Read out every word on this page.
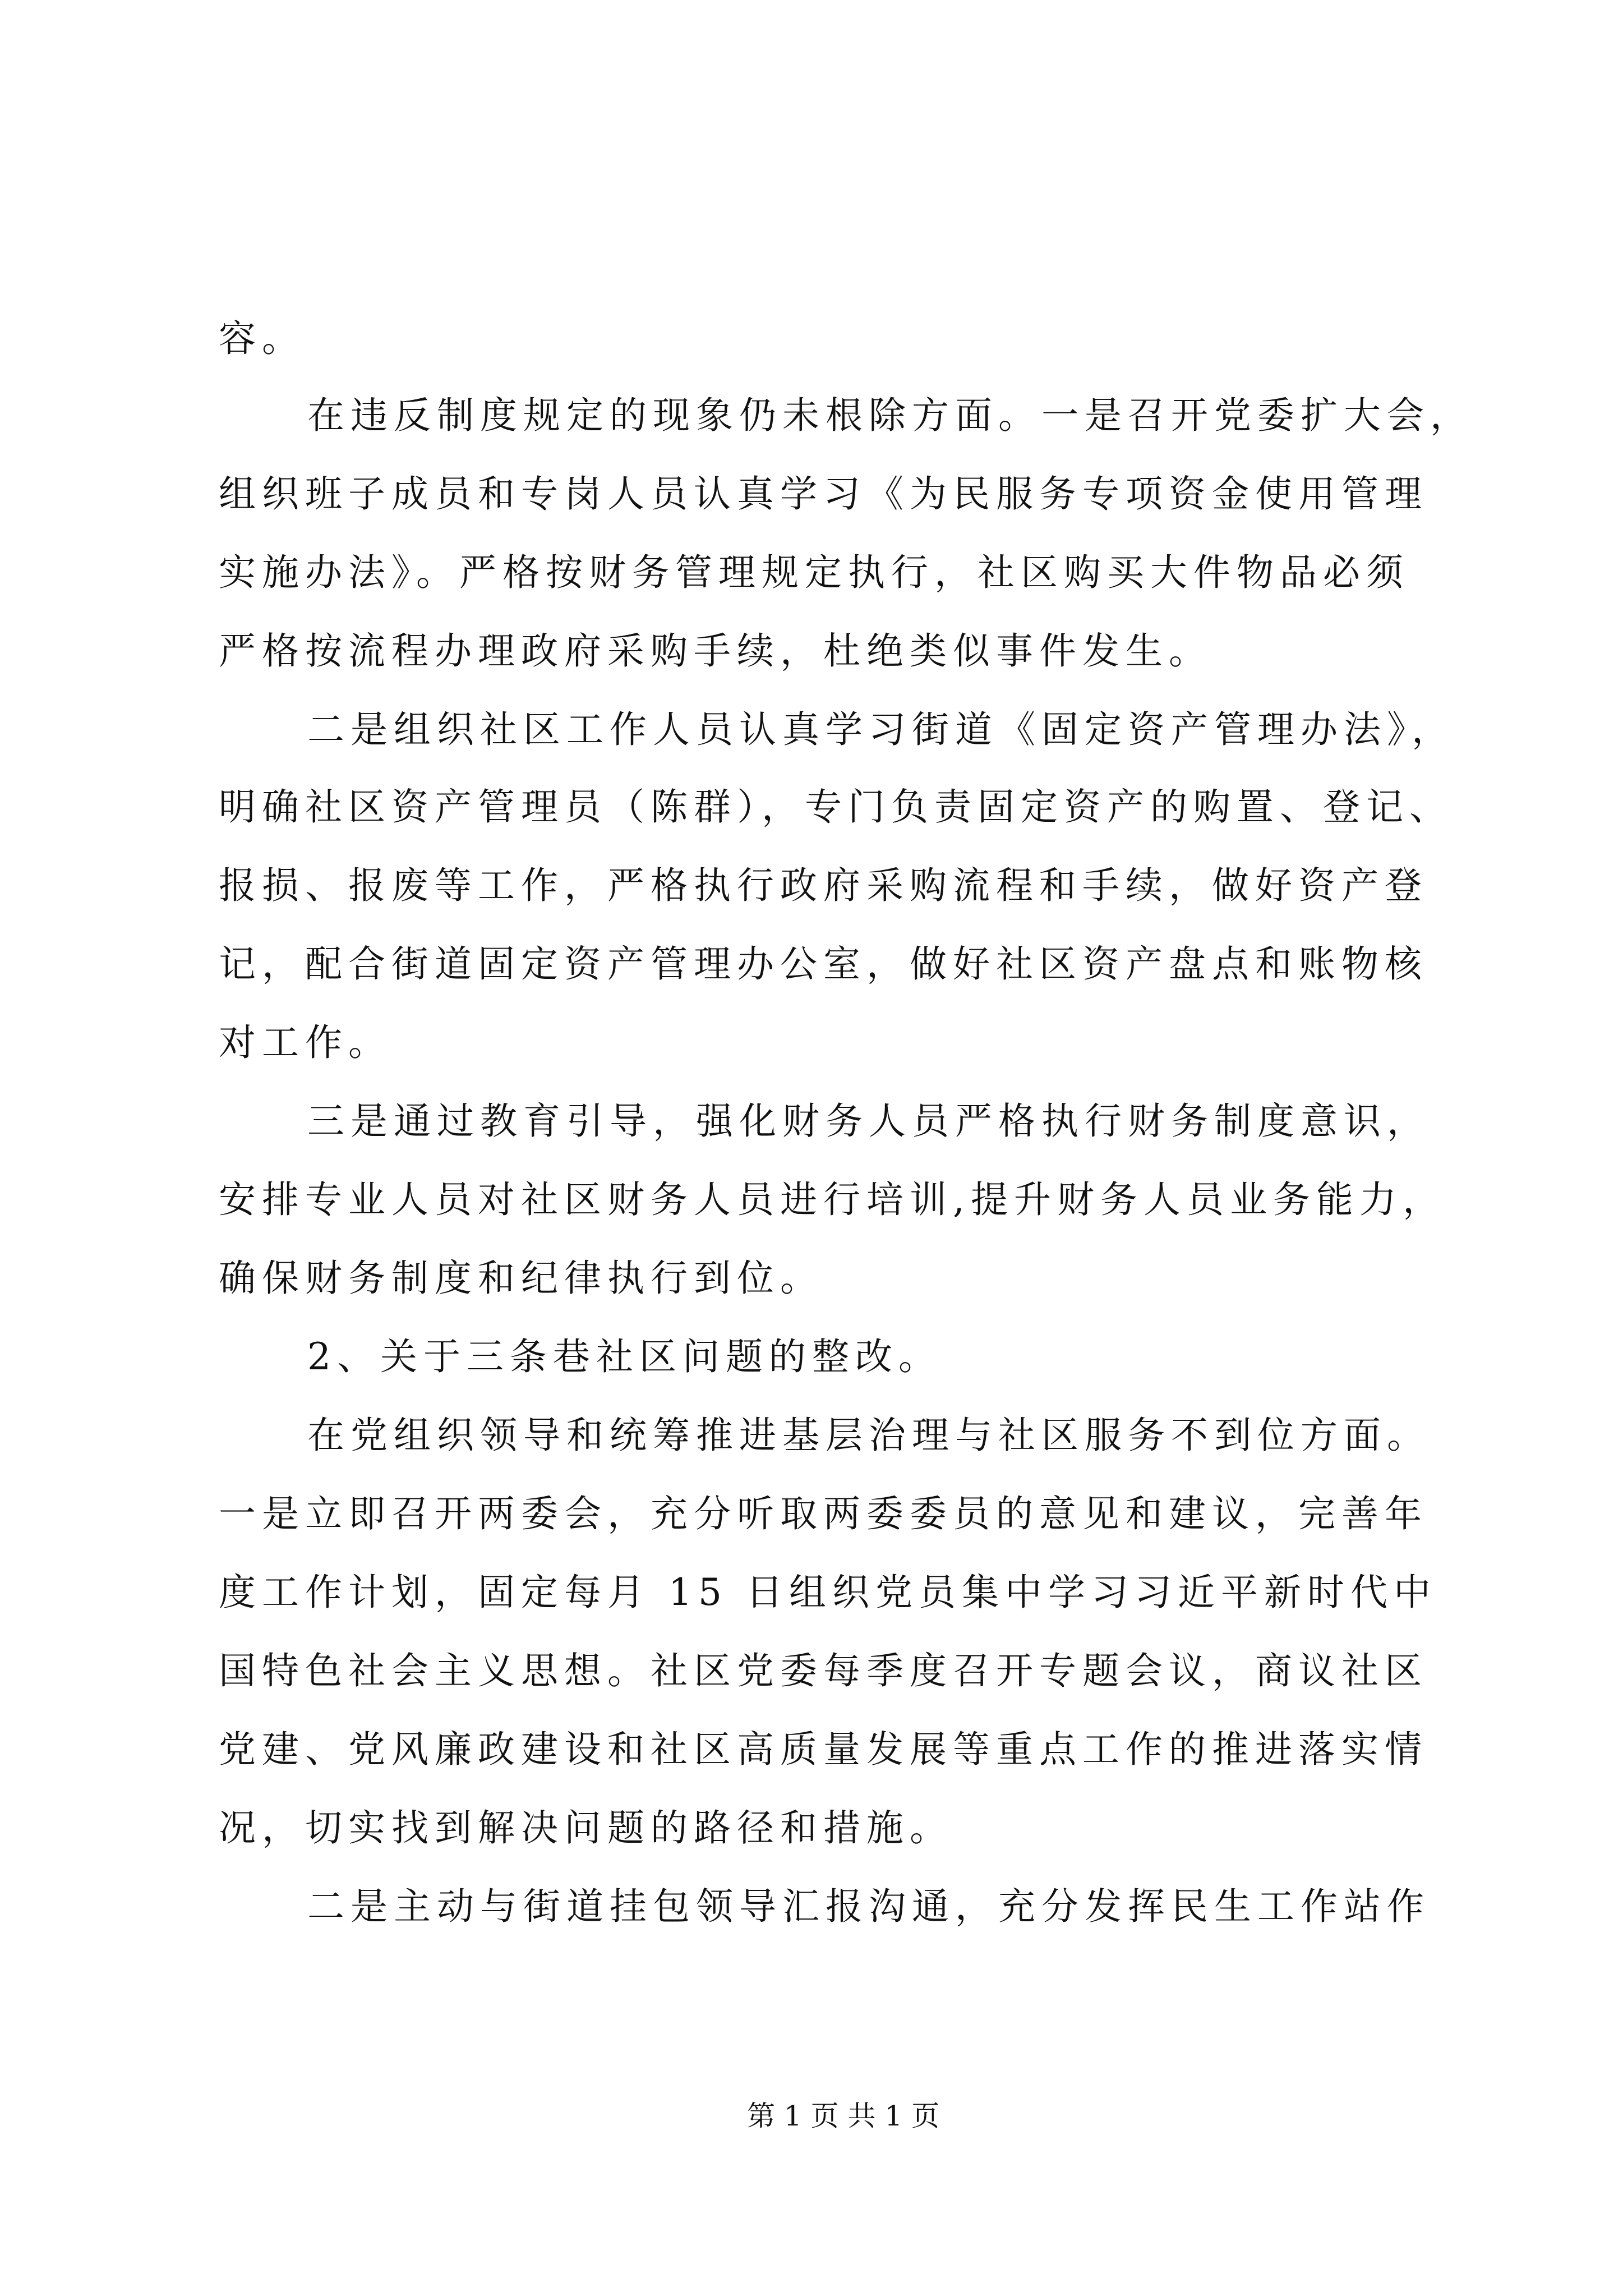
容。
在违反制度规定的现象仍未根除方面。一是召开党委扩大会，
组织班子成员和专岗人员认真学习《为民服务专项资金使用管理
实施办法》。严格按财务管理规定执行，社区购买大件物品必须
严格按流程办理政府采购手续，杜绝类似事件发生。
二是组织社区工作人员认真学习街道《固定资产管理办法》，
明确社区资产管理员（陈群），专门负责固定资产的购置、登记、
报损、报废等工作，严格执行政府采购流程和手续，做好资产登
记，配合街道固定资产管理办公室，做好社区资产盘点和账物核
对工作。
三是通过教育引导，强化财务人员严格执行财务制度意识，
安排专业人员对社区财务人员进行培训,提升财务人员业务能力，
确保财务制度和纪律执行到位。
2、关于三条巷社区问题的整改。
在党组织领导和统筹推进基层治理与社区服务不到位方面。
一是立即召开两委会，充分听取两委委员的意见和建议，完善年
度工作计划，固定每月 15 日组织党员集中学习习近平新时代中
国特色社会主义思想。社区党委每季度召开专题会议，商议社区
党建、党风廉政建设和社区高质量发展等重点工作的推进落实情
况，切实找到解决问题的路径和措施。
二是主动与街道挂包领导汇报沟通，充分发挥民生工作站作
第 1 页 共 1 页
